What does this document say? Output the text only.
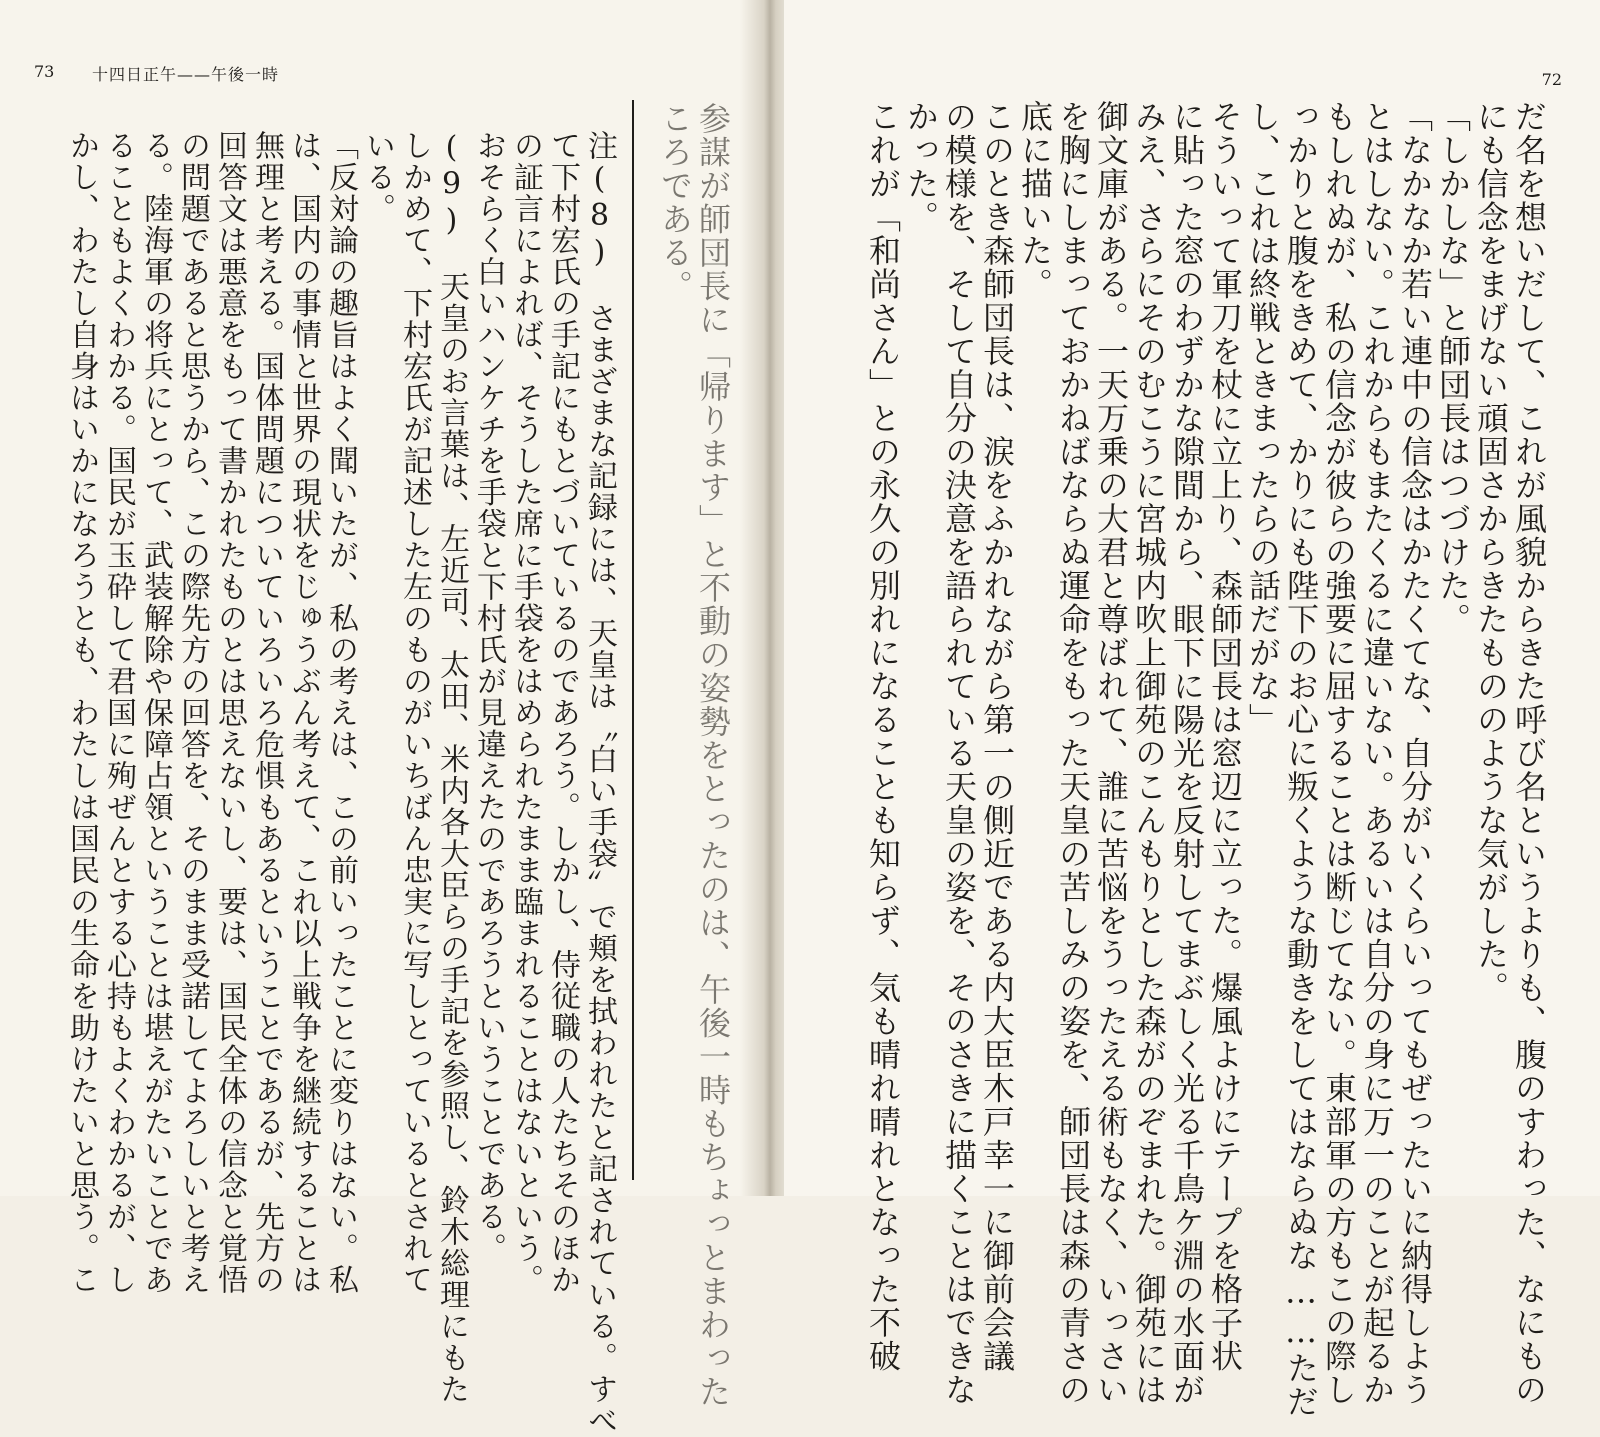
73 十四日正午——午後一時
参謀が師団長に「帰ります」と不動の姿勢をとったのは、午後一時もちょっとまわった
ころである。
注(8)　さまざまな記録には、天皇は〝白い手袋〟で頬を拭われたと記されている。すべ
て下村宏氏の手記にもとづいているのであろう。しかし、侍従職の人たちそのほか
の証言によれば、そうした席に手袋をはめられたまま臨まれることはないという。
おそらく白いハンケチを手袋と下村氏が見違えたのであろうということである。
(9)　天皇のお言葉は、左近司、太田、米内各大臣らの手記を参照し、鈴木総理にもた
しかめて、下村宏氏が記述した左のものがいちばん忠実に写しとっているとされて
いる。
「反対論の趣旨はよく聞いたが、私の考えは、この前いったことに変りはない。私
は、国内の事情と世界の現状をじゅうぶん考えて、これ以上戦争を継続することは
無理と考える。国体問題についていろいろ危惧もあるということであるが、先方の
回答文は悪意をもって書かれたものとは思えないし、要は、国民全体の信念と覚悟
の問題であると思うから、この際先方の回答を、そのまま受諾してよろしいと考え
る。陸海軍の将兵にとって、武装解除や保障占領ということは堪えがたいことであ
ることもよくわかる。国民が玉砕して君国に殉ぜんとする心持もよくわかるが、し
かし、わたし自身はいかになろうとも、わたしは国民の生命を助けたいと思う。こ
72
だ名を想いだして、これが風貌からきた呼び名というよりも、腹のすわった、なにもの
にも信念をまげない頑固さからきたもののような気がした。
「しかしな」と師団長はつづけた。
「なかなか若い連中の信念はかたくてな、自分がいくらいってもぜったいに納得しよう
とはしない。これからもまたくるに違いない。あるいは自分の身に万一のことが起るか
もしれぬが、私の信念が彼らの強要に屈することは断じてない。東部軍の方もこの際し
っかりと腹をきめて、かりにも陛下のお心に叛くような動きをしてはならぬな……ただ
し、これは終戦ときまったらの話だがな」
そういって軍刀を杖に立上り、森師団長は窓辺に立った。爆風よけにテープを格子状
に貼った窓のわずかな隙間から、眼下に陽光を反射してまぶしく光る千鳥ケ淵の水面が
みえ、さらにそのむこうに宮城内吹上御苑のこんもりとした森がのぞまれた。御苑には
御文庫がある。一天万乗の大君と尊ばれて、誰に苦悩をうったえる術もなく、いっさい
を胸にしまっておかねばならぬ運命をもった天皇の苦しみの姿を、師団長は森の青さの
底に描いた。
このとき森師団長は、涙をふかれながら第一の側近である内大臣木戸幸一に御前会議
の模様を、そして自分の決意を語られている天皇の姿を、そのさきに描くことはできな
かった。
これが「和尚さん」との永久の別れになることも知らず、気も晴れ晴れとなった不破
